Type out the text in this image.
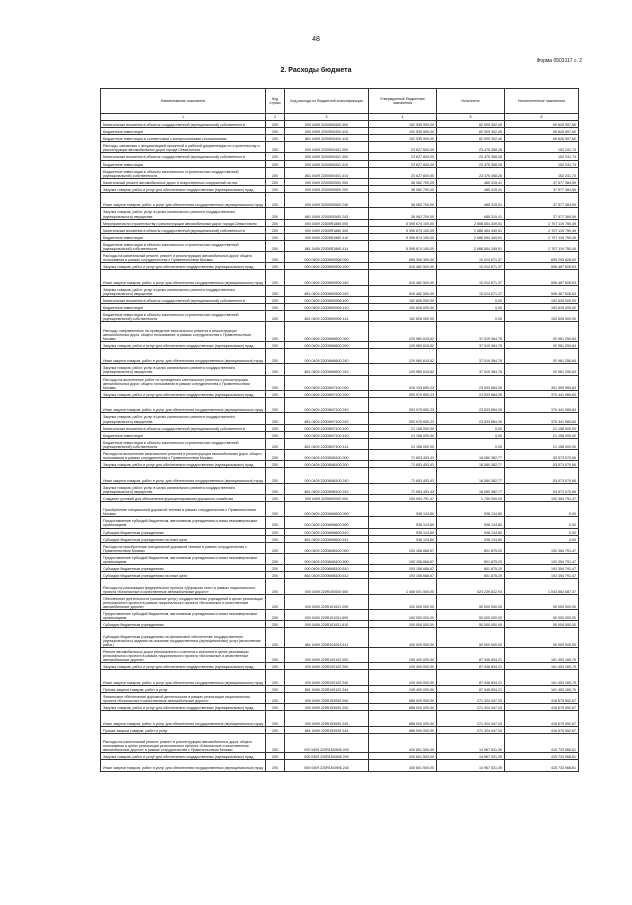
48
Форма 0503117 с. 2
2. Расходы бюджета
Наименование показателя	Код строки	Код расхода по бюджетной классификации	Утвержденные бюджетные назначения	Исполнено	Неисполненные назначения
1	2	3	4	5	6
Капитальные вложения в объекты государственной (муниципальной) собственности	200	000 0409 2200500400 400	152 535 900,00	82 909 302,40	69 626 597,60
Бюджетные инвестиции	200	000 0409 2200500400 410	152 535 900,00	82 909 302,40	69 626 597,60
Бюджетные инвестиции в соответствии с концессионными соглашениями	200	861 0409 2200500400 415	152 535 900,00	82 909 302,40	69 626 597,60
Расходы, связанные с актуализацией проектной и рабочей документации по строительству и реконструкции автомобильных дорог города Севастополя	200	000 0409 2200500401 000	23 627 600,00	23 475 358,26	152 241,74
Капитальные вложения в объекты государственной (муниципальной) собственности	200	000 0409 2200500401 400	23 627 600,00	23 475 358,26	152 241,74
Бюджетные инвестиции	200	000 0409 2200500401 410	23 627 600,00	23 475 358,26	152 241,74
Бюджетные инвестиции в объекты капитального строительства государственной (муниципальной) собственности	200	861 0409 2200500401 414	23 627 600,00	23 475 358,26	152 241,74
Капитальный ремонт автомобильных дорог и искусственных сооружений на них	200	000 0409 2200500500 000	38 062 700,00	485 315,41	37 577 384,59
Закупка товаров, работ и услуг для обеспечения государственных (муниципальных) нужд	200	000 0409 2200500500 200	38 062 700,00	485 315,41	37 577 384,59
Иные закупки товаров, работ и услуг для обеспечения государственных (муниципальных) нужд	200	000 0409 2200500500 240	38 062 700,00	485 315,41	37 577 384,59
Закупка товаров, работ, услуг в целях капитального ремонта государственного (муниципального) имущества	200	861 0409 2200500500 243	38 062 700,00	485 315,41	37 577 384,59
Мероприятия по строительству и реконструкции автомобильных дорог города Севастополя	200	000 0409 22005R1880 000	5 395 674 100,00	2 688 554 349,51	2 707 119 750,49
Капитальные вложения в объекты государственной (муниципальной) собственности	200	000 0409 22005R1880 400	5 395 674 100,00	2 688 554 349,51	2 707 119 750,49
Бюджетные инвестиции	200	000 0409 22005R1880 410	5 395 674 100,00	2 688 554 349,51	2 707 119 750,49
Бюджетные инвестиции в объекты капитального строительства государственной (муниципальной) собственности	200	861 0409 22005R1880 414	5 395 674 100,00	2 688 554 349,51	2 707 119 750,49
Расходы на капитальный ремонт, ремонт и реконструкцию автомобильных дорог общего пользования в рамках сотрудничества с Правительством Москвы	200	000 0409 22005M3906 000	669 308 300,00	10 014 671,37	659 293 628,63
Закупка товаров, работ и услуг для обеспечения государственных (муниципальных) нужд	200	000 0409 22005M3906 200	516 482 500,00	10 014 671,37	506 467 828,63
Иные закупки товаров, работ и услуг для обеспечения государственных (муниципальных) нужд	200	000 0409 22005M3906 240	516 482 500,00	10 014 671,37	506 467 828,63
Закупка товаров, работ, услуг в целях капитального ремонта государственного (муниципального) имущества	200	861 0409 22005M3906 243	516 482 500,00	10 014 671,37	506 467 828,63
Капитальные вложения в объекты государственной (муниципальной) собственности	200	000 0409 22005M3906 400	152 826 000,00	0,00	152 826 000,00
Бюджетные инвестиции	200	000 0409 22005M3906 410	152 826 000,00	0,00	152 826 000,00
Бюджетные инвестиции в объекты капитального строительства государственной (муниципальной) собственности	200	861 0409 22005M3906 414	152 826 000,00	0,00	152 826 000,00
Расходы, направленные на проведение капитального ремонта и реконструкции автомобильных дорог общего пользования, в рамках сотрудничества с Правительством Москвы	200	000 0409 22005M6600 000	129 980 615,62	37 019 364,78	92 961 250,84
Закупка товаров, работ и услуг для обеспечения государственных (муниципальных) нужд	200	000 0409 22005M6600 200	129 980 615,62	37 019 364,78	92 961 250,84
Иные закупки товаров, работ и услуг для обеспечения государственных (муниципальных) нужд	200	000 0409 22005M6600 240	129 980 615,62	37 019 364,78	92 961 250,84
Закупка товаров, работ, услуг в целях капитального ремонта государственного (муниципального) имущества	200	861 0409 22005M6600 243	129 980 615,62	37 019 364,78	92 961 250,84
Расходы на выполнение работ по проведению капитального ремонта и реконструкции автомобильных дорог общего пользования в рамках сотрудничества с Правительством Москвы	200	000 0409 22005M7100 000	415 133 650,23	23 533 684,39	391 599 965,84
Закупка товаров, работ и услуг для обеспечения государственных (муниципальных) нужд	200	000 0409 22005M7100 200	393 975 650,23	23 533 684,39	370 441 965,84
Иные закупки товаров, работ и услуг для обеспечения государственных (муниципальных) нужд	200	000 0409 22005M7100 240	393 975 650,23	23 533 684,39	370 441 965,84
Закупка товаров, работ, услуг в целях капитального ремонта государственного (муниципального) имущества	200	861 0409 22005M7100 243	393 975 650,23	23 533 684,39	370 441 965,84
Капитальные вложения в объекты государственной (муниципальной) собственности	200	000 0409 22005M7100 400	21 158 000,00	0,00	21 158 000,00
Бюджетные инвестиции	200	000 0409 22005M7100 410	21 158 000,00	0,00	21 158 000,00
Бюджетные инвестиции в объекты капитального строительства государственной (муниципальной) собственности	200	861 0409 22005M7100 414	21 158 000,00	0,00	21 158 000,00
Расходы на выполнение капитального ремонта и реконструкции автомобильных дорог общего пользования в рамках сотрудничества с Правительством Москвы	200	000 0409 22005M8100 000	71 653 453,43	18 080 382,77	53 573 070,66
Закупка товаров, работ и услуг для обеспечения государственных (муниципальных) нужд	200	000 0409 22005M8100 200	71 653 453,43	18 080 382,77	53 573 070,66
Иные закупки товаров, работ и услуг для обеспечения государственных (муниципальных) нужд	200	000 0409 22005M8100 240	71 653 453,43	18 080 382,77	53 573 070,66
Закупка товаров, работ, услуг в целях капитального ремонта государственного (муниципального) имущества	200	861 0409 22005M8100 243	71 653 453,43	18 080 382,77	53 573 070,66
Создание условий для обеспечения функционирования дорожного хозяйства	200	000 0409 2200600000 000	194 094 791,47	1 740 000,00	192 354 791,47
Приобретение специальной дорожной техники в рамках сотрудничества с Правительством Москвы	200	000 0409 22006M6600 000	938 124,80	938 124,80	0,00
Предоставление субсидий бюджетным, автономным учреждениям и иным некоммерческим организациям	200	000 0409 22006M6600 600	938 124,80	938 124,80	0,00
Субсидии бюджетным учреждениям	200	000 0409 22006M6600 610	938 124,80	938 124,80	0,00
Субсидии бюджетным учреждениям на иные цели	200	861 0409 22006M6600 612	938 124,80	938 124,80	0,00
Расходы на приобретение специальной дорожной техники в рамках сотрудничества с Правительством Москвы	200	000 0409 22006M8100 000	193 156 666,67	801 875,20	192 354 791,47
Предоставление субсидий бюджетным, автономным учреждениям и иным некоммерческим организациям	200	000 0409 22006M8100 600	193 156 666,67	801 875,20	192 354 791,47
Субсидии бюджетным учреждениям	200	000 0409 22006M8100 610	193 156 666,67	801 875,20	192 354 791,47
Субсидии бюджетным учреждениям на иные цели	200	861 0409 22006M8100 612	193 156 666,67	801 875,20	192 354 791,47
Расходы на реализацию федерального проекта «Дорожная сеть» в рамках национального проекта «Безопасные и качественные автомобильные дороги»	200	000 0409 220R100000 000	1 468 001 500,00	424 239 812,93	1 043 862 687,07
Обеспечение деятельности (оказание услуг) государственных учреждений в целях реализации регионального проекта в рамках национального проекта «Безопасные и качественные автомобильные дороги»	200	000 0409 220R101001 000	100 000 000,00	50 000 000,00	50 000 000,00
Предоставление субсидий бюджетным, автономным учреждениям и иным некоммерческим организациям	200	000 0409 220R101001 600	100 000 000,00	50 000 000,00	50 000 000,00
Субсидии бюджетным учреждениям	200	000 0409 220R101001 610	100 000 000,00	50 000 000,00	50 000 000,00
Субсидии бюджетным учреждениям на финансовое обеспечение государственного (муниципального) задания на оказание государственных (муниципальных) услуг (выполнение работ)	200	861 0409 220R101001 611	100 000 000,00	50 000 000,00	50 000 000,00
Ремонт автомобильных дорог регионального и местного значения в целях реализации регионального проекта в рамках национального проекта «Безопасные и качественные автомобильные дороги»	200	000 0409 220R100102 000	249 400 000,00	87 946 834,21	161 453 165,79
Закупка товаров, работ и услуг для обеспечения государственных (муниципальных) нужд	200	000 0409 220R100102 200	249 400 000,00	87 946 834,21	161 453 165,79
Иные закупки товаров, работ и услуг для обеспечения государственных (муниципальных) нужд	200	000 0409 220R100102 240	249 400 000,00	87 946 834,21	161 453 165,79
Прочая закупка товаров, работ и услуг	200	861 0409 220R100102 244	249 400 000,00	87 946 834,21	161 453 165,79
Финансовое обеспечение дорожной деятельности в рамках реализации национального проекта «Безопасные и качественные автомобильные дороги»	200	000 0409 220R153930 000	688 000 000,00	271 324 447,33	416 675 552,67
Закупка товаров, работ и услуг для обеспечения государственных (муниципальных) нужд	200	000 0409 220R153930 200	688 000 000,00	271 324 447,33	416 675 552,67
Иные закупки товаров, работ и услуг для обеспечения государственных (муниципальных) нужд	200	000 0409 220R153930 240	688 000 000,00	271 324 447,33	416 675 552,67
Прочая закупка товаров, работ и услуг	200	861 0409 220R153930 244	688 000 000,00	271 324 447,33	416 675 552,67
Расходы на капитальный ремонт, ремонт и реконструкцию автомобильных дорог общего пользования в целях реализации регионального проекта «Безопасные и качественные автомобильные дороги» в рамках сотрудничества с Правительством Москвы	200	000 0409 220R1M3906 000	430 601 500,00	14 967 531,39	415 733 968,61
Закупка товаров, работ и услуг для обеспечения государственных (муниципальных) нужд	200	000 0409 220R1M3906 200	430 601 500,00	14 967 531,39	415 733 968,61
Иные закупки товаров, работ и услуг для обеспечения государственных (муниципальных) нужд	200	000 0409 220R1M3906 240	430 601 500,00	14 967 531,39	415 733 968,61
